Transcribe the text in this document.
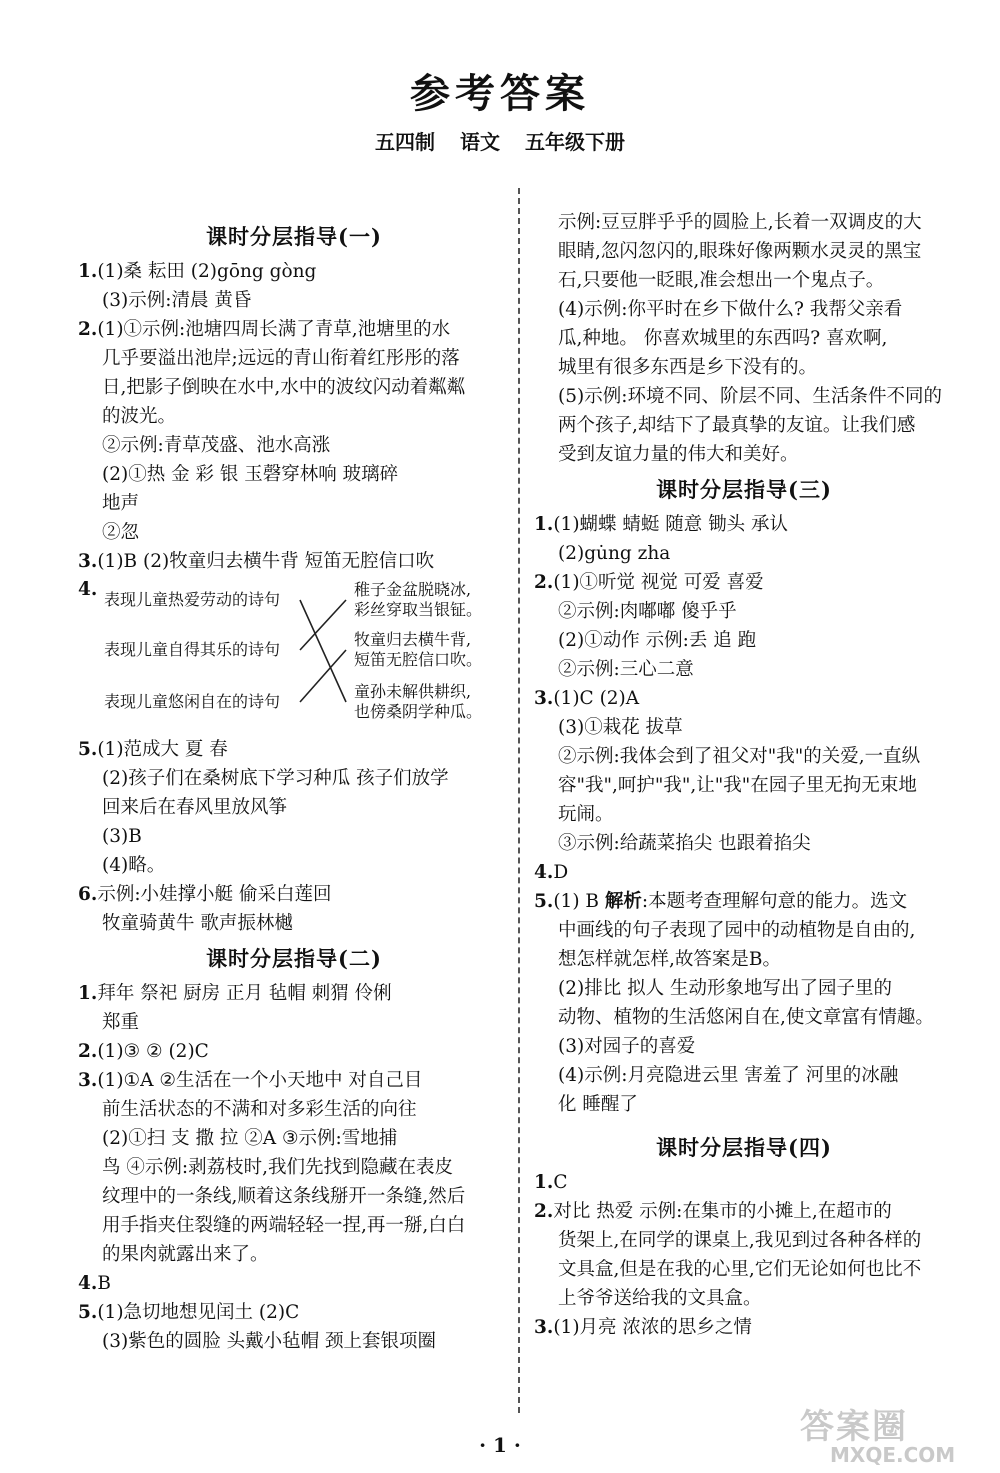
参考答案
五四制 语文 五年级下册
课时分层指导(一)
1.(1)桑 耘田 (2)gōng gòng
(3)示例:清晨 黄昏
2.(1)①示例:池塘四周长满了青草,池塘里的水
几乎要溢出池岸;远远的青山衔着红彤彤的落
日,把影子倒映在水中,水中的波纹闪动着粼粼
的波光。
②示例:青草茂盛、池水高涨
(2)①热 金 彩 银 玉磬穿林响 玻璃碎
地声
②忽
3.(1)B (2)牧童归去横牛背 短笛无腔信口吹
4. 表现儿童热爱劳动的诗句
表现儿童自得其乐的诗句
表现儿童悠闲自在的诗句
稚子金盆脱晓冰,
彩丝穿取当银钲。
牧童归去横牛背,
短笛无腔信口吹。
童孙未解供耕织,
也傍桑阴学种瓜。
5.(1)范成大 夏 春
(2)孩子们在桑树底下学习种瓜 孩子们放学
回来后在春风里放风筝
(3)B
(4)略。
6.示例:小娃撑小艇 偷采白莲回
牧童骑黄牛 歌声振林樾
课时分层指导(二)
1.拜年 祭祀 厨房 正月 毡帽 刺猬 伶俐
郑重
2.(1)③ ② (2)C
3.(1)①A ②生活在一个小天地中 对自己目
前生活状态的不满和对多彩生活的向往
(2)①扫 支 撒 拉 ②A ③示例:雪地捕
鸟 ④示例:剥荔枝时,我们先找到隐藏在表皮
纹理中的一条线,顺着这条线掰开一条缝,然后
用手指夹住裂缝的两端轻轻一捏,再一掰,白白
的果肉就露出来了。
4.B
5.(1)急切地想见闰土 (2)C
(3)紫色的圆脸 头戴小毡帽 颈上套银项圈
示例:豆豆胖乎乎的圆脸上,长着一双调皮的大
眼睛,忽闪忽闪的,眼珠好像两颗水灵灵的黑宝
石,只要他一眨眼,准会想出一个鬼点子。
(4)示例:你平时在乡下做什么? 我帮父亲看
瓜,种地。 你喜欢城里的东西吗? 喜欢啊,
城里有很多东西是乡下没有的。
(5)示例:环境不同、阶层不同、生活条件不同的
两个孩子,却结下了最真挚的友谊。让我们感
受到友谊力量的伟大和美好。
课时分层指导(三)
1.(1)蝴蝶 蜻蜓 随意 锄头 承认
(2)gu̇ng zha
2.(1)①听觉 视觉 可爱 喜爱
②示例:肉嘟嘟 傻乎乎
(2)①动作 示例:丢 追 跑
②示例:三心二意
3.(1)C (2)A
(3)①栽花 拔草
②示例:我体会到了祖父对"我"的关爱,一直纵
容"我",呵护"我",让"我"在园子里无拘无束地
玩闹。
③示例:给蔬菜掐尖 也跟着掐尖
4.D
5.(1) B 解析:本题考查理解句意的能力。选文
中画线的句子表现了园中的动植物是自由的,
想怎样就怎样,故答案是B。
(2)排比 拟人 生动形象地写出了园子里的
动物、植物的生活悠闲自在,使文章富有情趣。
(3)对园子的喜爱
(4)示例:月亮隐进云里 害羞了 河里的冰融
化 睡醒了
课时分层指导(四)
1.C
2.对比 热爱 示例:在集市的小摊上,在超市的
货架上,在同学的课桌上,我见到过各种各样的
文具盒,但是在我的心里,它们无论如何也比不
上爷爷送给我的文具盒。
3.(1)月亮 浓浓的思乡之情
· 1 ·	答案圈
MXQE.COM
